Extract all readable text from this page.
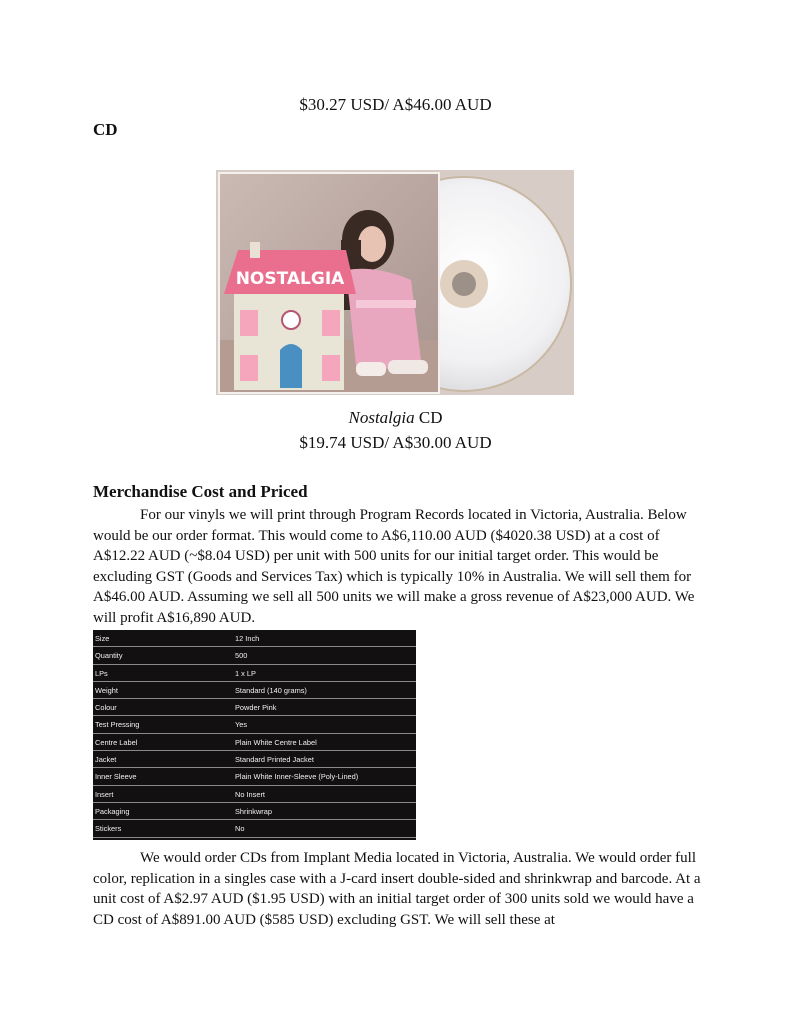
$30.27 USD/ A$46.00 AUD
CD
NOSTALGIA
Nostalgia CD
$19.74 USD/ A$30.00 AUD
Merchandise Cost and Priced

For our vinyls we will print through Program Records located in Victoria, Australia. Below would be our order format. This would come to A$6,110.00 AUD ($4020.38 USD) at a cost of A$12.22 AUD (~$8.04 USD) per unit with 500 units for our initial target order. This would be excluding GST (Goods and Services Tax) which is typically 10% in Australia. We will sell them for A$46.00 AUD. Assuming we sell all 500 units we will make a gross revenue of A$23,000 AUD. We will profit A$16,890 AUD.

Size	12 Inch
Quantity	500
LPs	1 x LP
Weight	Standard (140 grams)
Colour	Powder Pink
Test Pressing	Yes
Centre Label	Plain White Centre Label
Jacket	Standard Printed Jacket
Inner Sleeve	Plain White Inner-Sleeve (Poly-Lined)
Insert	No Insert
Packaging	Shrinkwrap
Stickers	No

We would order CDs from Implant Media located in Victoria, Australia. We would order full color, replication in a singles case with a J-card insert double-sided and shrinkwrap and barcode. At a unit cost of A$2.97 AUD ($1.95 USD) with an initial target order of 300 units sold we would have a CD cost of A$891.00 AUD ($585 USD) excluding GST. We will sell these at
